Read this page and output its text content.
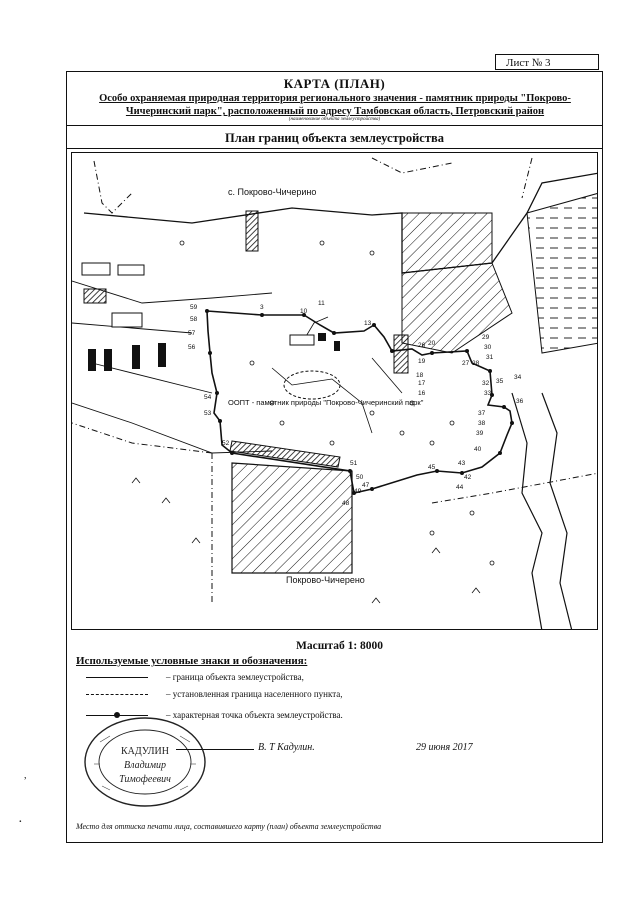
Лист № 3
КАРТА (ПЛАН)
Особо охраняемая природная территория регионального значения - памятник природы "Покрово-
Чичеринский парк", расположенный по адресу Тамбовская область, Петровский район
(наименование объекта землеустройства)
План границ объекта землеустройства
3
10
11
13
56
57
58
59
54
53
52
51
50
49
47
48
45
43
42
44
40
39
38
37
36
35
34
33
32
31
30
29
28
27
26 20
19
18
17
16
с. Покрово-Чичерино
Покрово-Чичерено
ООПТ - памятник природы "Покрово-Чичеринский парк"
Масштаб 1: 8000
Используемые условные знаки и обозначения:
– граница объекта землеустройства,
– установленная граница населенного пункта,
– характерная точка объекта землеустройства.
КАДУЛИН
Владимир
Тимофеевич
В. Т Кадулин.	29 июня 2017
Место для оттиска печати лица, составившего карту (план) объекта землеустройства
,
·
